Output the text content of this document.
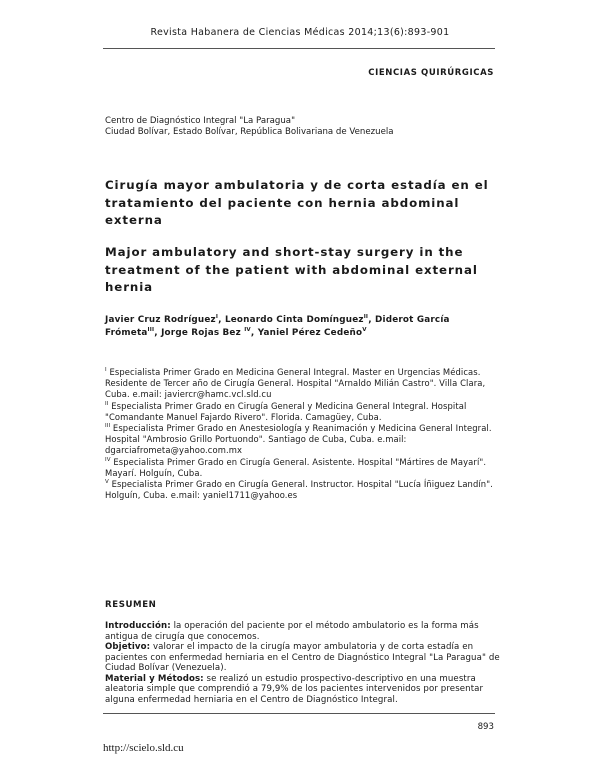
Revista Habanera de Ciencias Médicas 2014;13(6):893-901
CIENCIAS QUIRÚRGICAS
Centro de Diagnóstico Integral "La Paragua"
Ciudad Bolívar, Estado Bolívar, República Bolivariana de Venezuela
Cirugía mayor ambulatoria y de corta estadía en el tratamiento del paciente con hernia abdominal externa
Major ambulatory and short-stay surgery in the treatment of the patient with abdominal external hernia
Javier Cruz Rodríguez$^I$, Leonardo Cinta Domínguez$^{II}$, Diderot García Frómeta$^{III}$, Jorge Rojas Bez $^{IV}$, Yaniel Pérez Cedeño$^V$
$^I$ Especialista Primer Grado en Medicina General Integral. Master en Urgencias Médicas. Residente de Tercer año de Cirugía General. Hospital "Arnaldo Milián Castro". Villa Clara, Cuba. e.mail: javiercr@hamc.vcl.sld.cu
$^{II}$ Especialista Primer Grado en Cirugía General y Medicina General Integral. Hospital "Comandante Manuel Fajardo Rivero". Florida. Camagüey, Cuba.
$^{III}$ Especialista Primer Grado en Anestesiología y Reanimación y Medicina General Integral. Hospital "Ambrosio Grillo Portuondo". Santiago de Cuba, Cuba. e.mail: dgarciafrometa@yahoo.com.mx
$^{IV}$ Especialista Primer Grado en Cirugía General. Asistente. Hospital "Mártires de Mayarí". Mayarí. Holguín, Cuba.
$^V$ Especialista Primer Grado en Cirugía General. Instructor. Hospital "Lucía Íñiguez Landín". Holguín, Cuba. e.mail: yaniel1711@yahoo.es
RESUMEN

Introducción: la operación del paciente por el método ambulatorio es la forma más antigua de cirugía que conocemos.

Objetivo: valorar el impacto de la cirugía mayor ambulatoria y de corta estadía en pacientes con enfermedad herniaria en el Centro de Diagnóstico Integral "La Paragua" de Ciudad Bolívar (Venezuela).

Material y Métodos: se realizó un estudio prospectivo-descriptivo en una muestra aleatoria simple que comprendió a 79,9% de los pacientes intervenidos por presentar alguna enfermedad herniaria en el Centro de Diagnóstico Integral.

893
http://scielo.sld.cu
